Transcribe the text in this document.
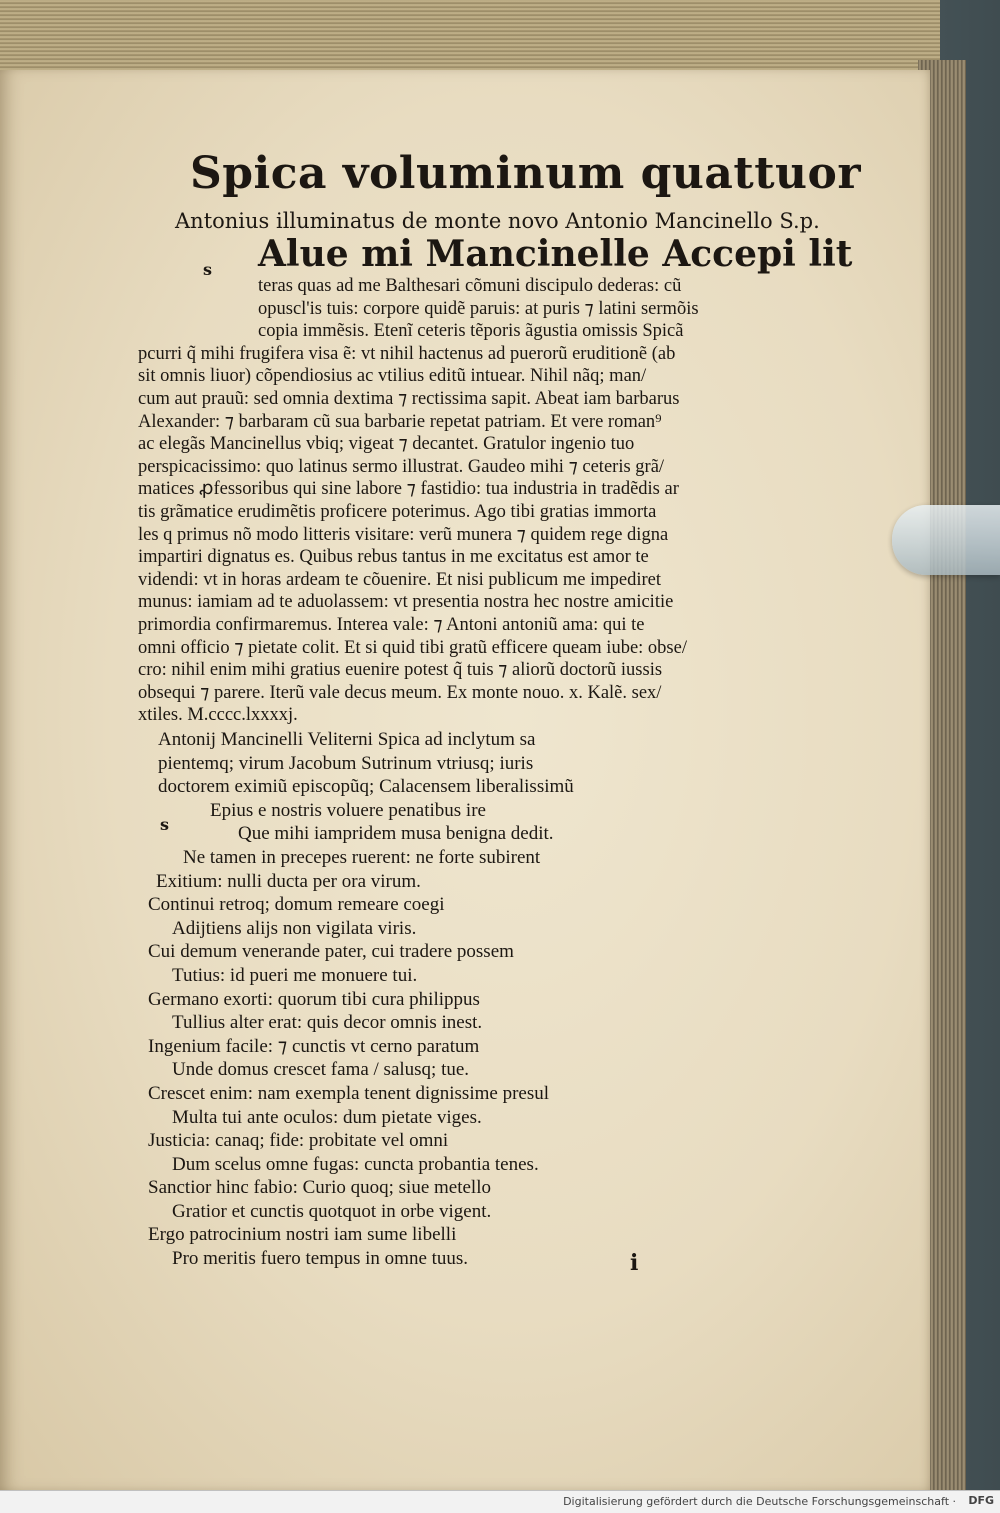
Spica voluminum quattuor
Antonius illuminatus de monte novo Antonio Mancinello S.p.
s Alue mi Mancinelle Accepi lit
teras quas ad me Balthesari cõmuni discipulo dederas: cũ
opuscl'is tuis: corpore quidẽ paruis: at puris ⁊ latini sermõis
copia immẽsis. Etenĩ ceteris tẽporis ãgustia omissis Spicã
pcurri q̃ mihi frugifera visa ẽ: vt nihil hactenus ad puerorũ eruditionẽ (ab
sit omnis liuor) cõpendiosius ac vtilius editũ intuear. Nihil nãq; man/
cum aut prauũ: sed omnia dextima ⁊ rectissima sapit. Abeat iam barbarus
Alexander: ⁊ barbaram cũ sua barbarie repetat patriam. Et vere roman⁹
ac elegãs Mancinellus vbiq; vigeat ⁊ decantet. Gratulor ingenio tuo
perspicacissimo: quo latinus sermo illustrat. Gaudeo mihi ⁊ ceteris grã/
matices ꝓfessoribus qui sine labore ⁊ fastidio: tua industria in tradẽdis ar
tis grãmatice erudimẽtis proficere poterimus. Ago tibi gratias immorta
les q primus nõ modo litteris visitare: verũ munera ⁊ quidem rege digna
impartiri dignatus es. Quibus rebus tantus in me excitatus est amor te
videndi: vt in horas ardeam te cõuenire. Et nisi publicum me impediret
munus: iamiam ad te aduolassem: vt presentia nostra hec nostre amicitie
primordia confirmaremus. Interea vale: ⁊ Antoni antoniũ ama: qui te
omni officio ⁊ pietate colit. Et si quid tibi gratũ efficere queam iube: obse/
cro: nihil enim mihi gratius euenire potest q̃ tuis ⁊ aliorũ doctorũ iussis
obsequi ⁊ parere. Iterũ vale decus meum. Ex monte nouo. x. Kalẽ. sex/
xtiles. M.cccc.lxxxxj.
s
Antonij Mancinelli Veliterni Spica ad inclytum sa
pientemq; virum Jacobum Sutrinum vtriusq; iuris
doctorem eximiũ episcopũq; Calacensem liberalissimũ
Epius e nostris voluere penatibus ire
Que mihi iampridem musa benigna dedit.
Ne tamen in precepes ruerent: ne forte subirent
Exitium: nulli ducta per ora virum.
Continui retroq; domum remeare coegi
Adijtiens alijs non vigilata viris.
Cui demum venerande pater, cui tradere possem
Tutius: id pueri me monuere tui.
Germano exorti: quorum tibi cura philippus
Tullius alter erat: quis decor omnis inest.
Ingenium facile: ⁊ cunctis vt cerno paratum
Unde domus crescet fama / salusq; tue.
Crescet enim: nam exempla tenent dignissime presul
Multa tui ante oculos: dum pietate viges.
Justicia: canaq; fide: probitate vel omni
Dum scelus omne fugas: cuncta probantia tenes.
Sanctior hinc fabio: Curio quoq; siue metello
Gratior et cunctis quotquot in orbe vigent.
Ergo patrocinium nostri iam sume libelli
Pro meritis fuero tempus in omne tuus.	i
Digitalisierung gefördert durch die Deutsche Forschungsgemeinschaft · DFG
